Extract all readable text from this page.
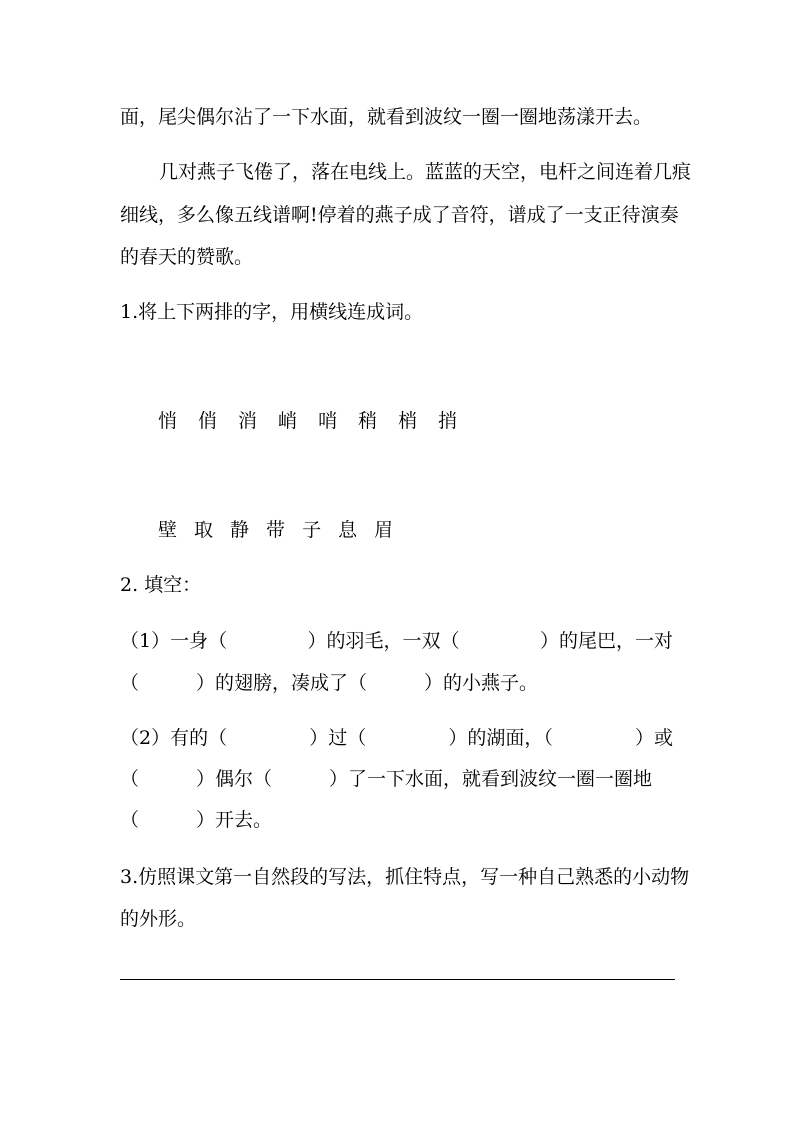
面，尾尖偶尔沾了一下水面，就看到波纹一圈一圈地荡漾开去。
几对燕子飞倦了，落在电线上。蓝蓝的天空，电杆之间连着几痕
细线，多么像五线谱啊!停着的燕子成了音符，谱成了一支正待演奏
的春天的赞歌。
1.将上下两排的字，用横线连成词。
悄 俏 消 峭 哨 稍 梢 捎
壁 取 静 带 子 息 眉
2. 填空：
（1）一身（	）的羽毛，一双（	）的尾巴，一对
（　　　）的翅膀，凑成了（　　　）的小燕子。
（2）有的（	）过（	）的湖面，（	）或
（　　　）偶尔（　　　）了一下水面，就看到波纹一圈一圈地
（　　　）开去。
3.仿照课文第一自然段的写法，抓住特点，写一种自己熟悉的小动物
的外形。
